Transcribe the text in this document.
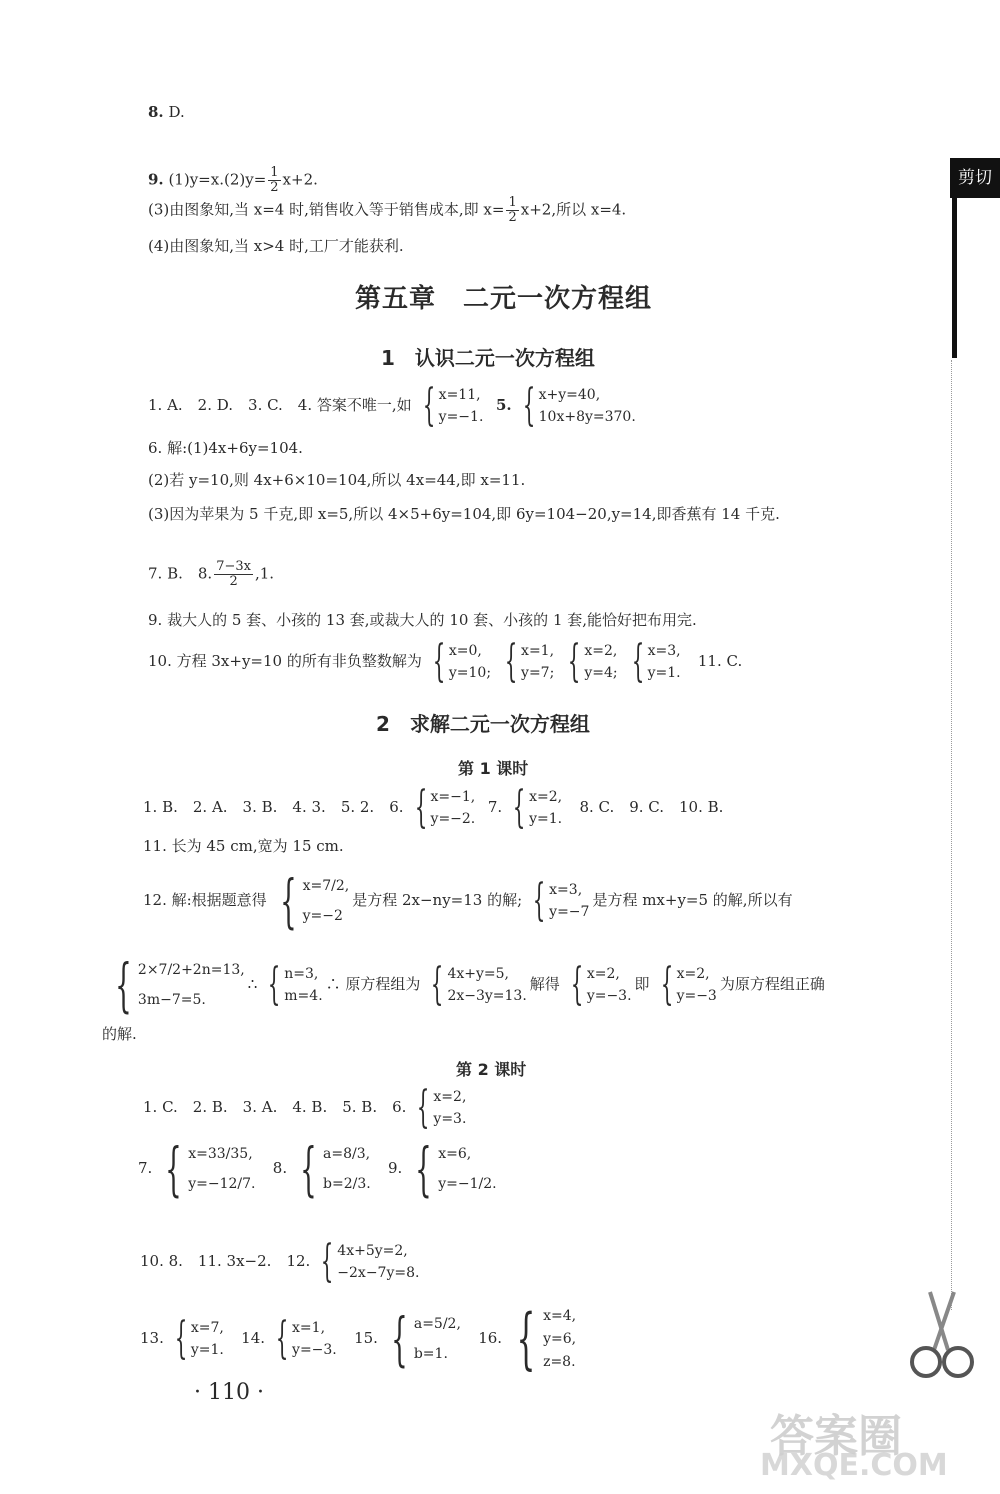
剪切
答案圈
MXQE.COM
8. D.
9. $(1)y=x.(2)y= \frac{1}{2} x+2$.
(3)由图象知,当 x=4 时,销售收入等于销售成本,即 $x= \frac{1}{2} x+2$,所以 x=4.
(4)由图象知,当 x>4 时,工厂才能获利.
第五章　二元一次方程组
1　认识二元一次方程组
1. A.　2. D.　3. C.　4. 答案不唯一,如 { x=11,
y=−1.
5. { x+y=40,
10x+8y=370.
6. 解:(1)4x+6y=104.
(2)若 y=10,则 4x+6×10=104,所以 4x=44,即 x=11.
(3)因为苹果为 5 千克,即 x=5,所以 4×5+6y=104,即 6y=104−20,y=14,即香蕉有 14 千克.
7. B.　8. $\frac{7-3x}{2} ,1$.
9. 裁大人的 5 套、小孩的 13 套,或裁大人的 10 套、小孩的 1 套,能恰好把布用完.
10. 方程 3x+y=10 的所有非负整数解为 { x=0,
y=10; { x=1,
y=7; { x=2,
y=4; { x=3,
y=1.
11. C.
2　求解二元一次方程组
第 1 课时
1. B.　2. A.　3. B.　4. 3.　5. 2.　6. { x=−1,
y=−2.
7. { x=2,
y=1.
8. C.　9. C.　10. B.
11. 长为 45 cm,宽为 15 cm.
12. 解:根据题意得 { x=7/2,
y=−2
是方程 2x−ny=13 的解; { x=3,
y=−7
是方程 mx+y=5 的解,所以有
{ 2×7/2+2n=13,
3m−7=5.
∴ { n=3,
m=4.
∴ 原方程组为 { 4x+y=5,
2x−3y=13.
解得 { x=2,
y=−3.
即 { x=2,
y=−3
为原方程组正确
的解.
第 2 课时
1. C.　2. B.　3. A.　4. B.　5. B.　6. { x=2,
y=3.
7. { x=33/35,
y=−12/7.
8. { a=8/3,
b=2/3.
9. { x=6,
y=−1/2.
10. 8.　11. 3x−2.　12. { 4x+5y=2,
−2x−7y=8.
13. { x=7,
y=1.
14. { x=1,
y=−3.
15. { a=5/2,
b=1.
16. { x=4,
y=6,
z=8.
· 110 ·
